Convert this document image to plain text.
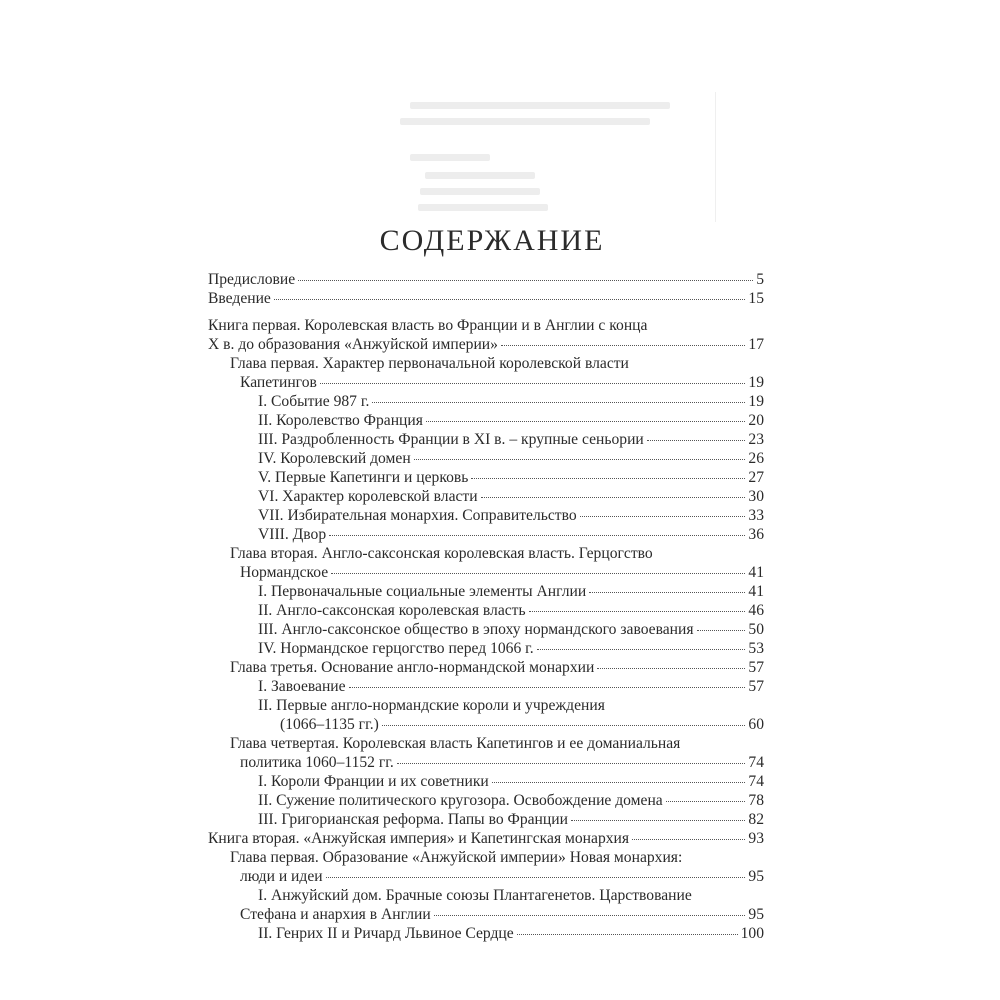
СОДЕРЖАНИЕ
Предисловие	5
Введение	15
Книга первая. Королевская власть во Франции и в Англии с конца
X в. до образования «Анжуйской империи»	17
Глава первая. Характер первоначальной королевской власти
Капетингов	19
I. Событие 987 г.	19
II. Королевство Франция	20
III. Раздробленность Франции в XI в. – крупные сеньории	23
IV. Королевский домен	26
V. Первые Капетинги и церковь	27
VI. Характер королевской власти	30
VII. Избирательная монархия. Соправительство	33
VIII. Двор	36
Глава вторая. Англо-саксонская королевская власть. Герцогство
Нормандское	41
I. Первоначальные социальные элементы Англии	41
II. Англо-саксонская королевская власть	46
III. Англо-саксонское общество в эпоху нормандского завоевания	50
IV. Нормандское герцогство перед 1066 г.	53
Глава третья. Основание англо-нормандской монархии	57
I. Завоевание	57
II. Первые англо-нормандские короли и учреждения
(1066–1135 гг.)	60
Глава четвертая. Королевская власть Капетингов и ее доманиальная
политика 1060–1152 гг.	74
I. Короли Франции и их советники	74
II. Сужение политического кругозора. Освобождение домена	78
III. Григорианская реформа. Папы во Франции	82
Книга вторая. «Анжуйская империя» и Капетингская монархия	93
Глава первая. Образование «Анжуйской империи» Новая монархия:
люди и идеи	95
I. Анжуйский дом. Брачные союзы Плантагенетов. Царствование
Стефана и анархия в Англии	95
II. Генрих II и Ричард Львиное Сердце	100
